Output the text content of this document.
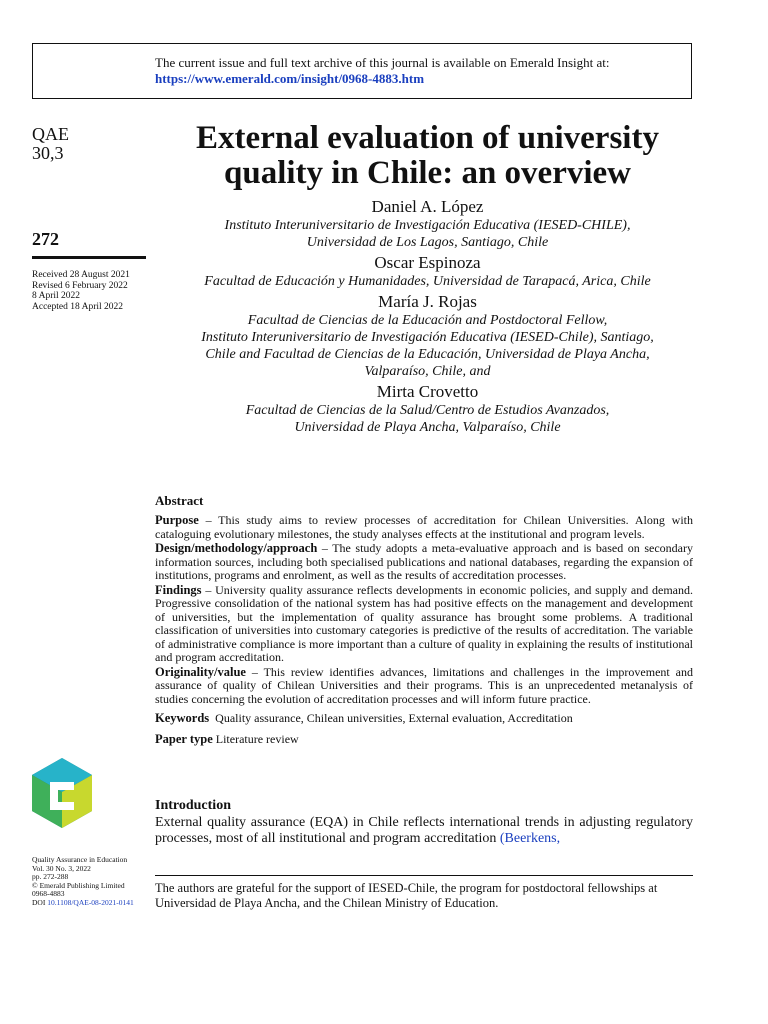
The current issue and full text archive of this journal is available on Emerald Insight at:
https://www.emerald.com/insight/0968-4883.htm
QAE
30,3
272
Received 28 August 2021
Revised 6 February 2022
8 April 2022
Accepted 18 April 2022
External evaluation of university
quality in Chile: an overview
Daniel A. López
Instituto Interuniversitario de Investigación Educativa (IESED-CHILE),
Universidad de Los Lagos, Santiago, Chile
Oscar Espinoza
Facultad de Educación y Humanidades, Universidad de Tarapacá, Arica, Chile
María J. Rojas
Facultad de Ciencias de la Educación and Postdoctoral Fellow,
Instituto Interuniversitario de Investigación Educativa (IESED-Chile), Santiago,
Chile and Facultad de Ciencias de la Educación, Universidad de Playa Ancha,
Valparaíso, Chile, and
Mirta Crovetto
Facultad de Ciencias de la Salud/Centro de Estudios Avanzados,
Universidad de Playa Ancha, Valparaíso, Chile
Abstract

Purpose – This study aims to review processes of accreditation for Chilean Universities. Along with cataloguing evolutionary milestones, the study analyses effects at the institutional and program levels.

Design/methodology/approach – The study adopts a meta-evaluative approach and is based on secondary information sources, including both specialised publications and national databases, regarding the expansion of institutions, programs and enrolment, as well as the results of accreditation processes.

Findings – University quality assurance reflects developments in economic policies, and supply and demand. Progressive consolidation of the national system has had positive effects on the management and development of universities, but the implementation of quality assurance has brought some problems. A traditional classification of universities into customary categories is predictive of the results of accreditation. The variable of administrative compliance is more important than a culture of quality in explaining the results of institutional and program accreditation.

Originality/value – This review identifies advances, limitations and challenges in the improvement and assurance of quality of Chilean Universities and their programs. This is an unprecedented metanalysis of studies concerning the evolution of accreditation processes and will inform future practice.

Keywords Quality assurance, Chilean universities, External evaluation, Accreditation

Paper type Literature review

Introduction
External quality assurance (EQA) in Chile reflects international trends in adjusting regulatory processes, most of all institutional and program accreditation (Beerkens,
The authors are grateful for the support of IESED-Chile, the program for postdoctoral fellowships at Universidad de Playa Ancha, and the Chilean Ministry of Education.
Quality Assurance in Education
Vol. 30 No. 3, 2022
pp. 272-288
© Emerald Publishing Limited
0968-4883
DOI 10.1108/QAE-08-2021-0141
